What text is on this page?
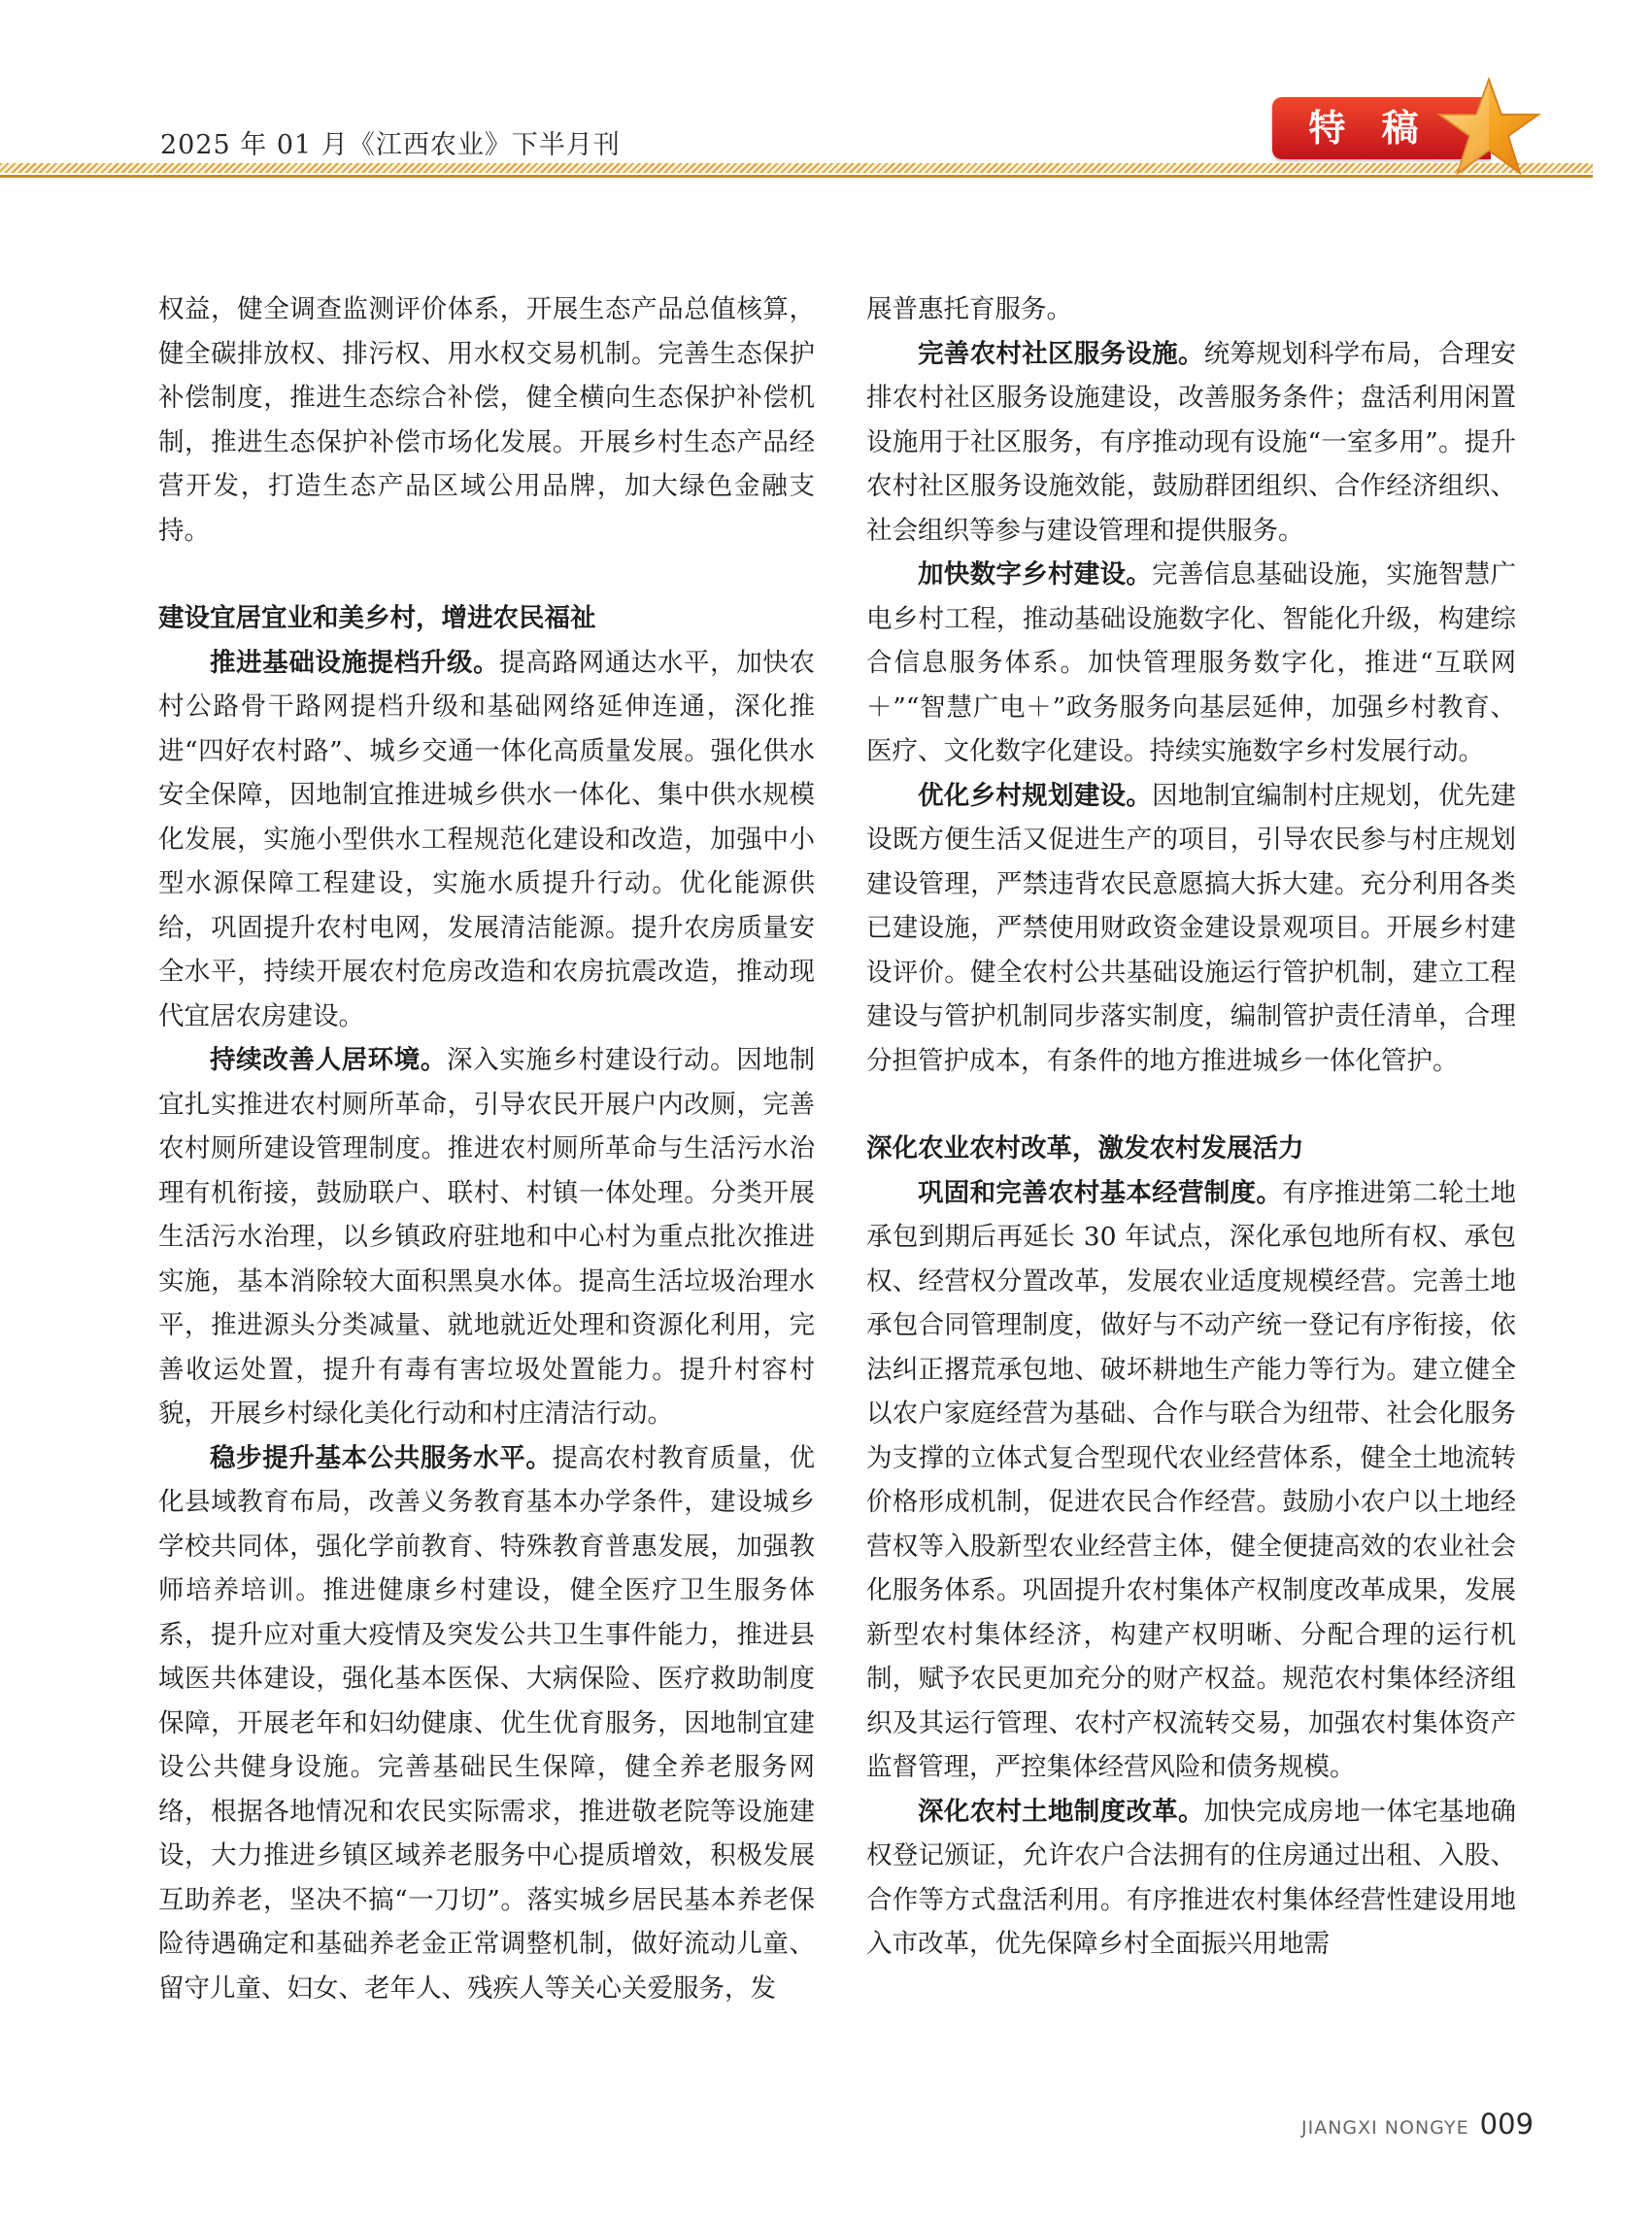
2025 年 01 月《江西农业》下半月刊	特 稿

权益，健全调查监测评价体系，开展生态产品总值核算，健全碳排放权、排污权、用水权交易机制。完善生态保护补偿制度，推进生态综合补偿，健全横向生态保护补偿机制，推进生态保护补偿市场化发展。开展乡村生态产品经营开发，打造生态产品区域公用品牌，加大绿色金融支持。

建设宜居宜业和美乡村，增进农民福祉

推进基础设施提档升级。提高路网通达水平，加快农村公路骨干路网提档升级和基础网络延伸连通，深化推进“四好农村路”、城乡交通一体化高质量发展。强化供水安全保障，因地制宜推进城乡供水一体化、集中供水规模化发展，实施小型供水工程规范化建设和改造，加强中小型水源保障工程建设，实施水质提升行动。优化能源供给，巩固提升农村电网，发展清洁能源。提升农房质量安全水平，持续开展农村危房改造和农房抗震改造，推动现代宜居农房建设。

持续改善人居环境。深入实施乡村建设行动。因地制宜扎实推进农村厕所革命，引导农民开展户内改厕，完善农村厕所建设管理制度。推进农村厕所革命与生活污水治理有机衔接，鼓励联户、联村、村镇一体处理。分类开展生活污水治理，以乡镇政府驻地和中心村为重点批次推进实施，基本消除较大面积黑臭水体。提高生活垃圾治理水平，推进源头分类减量、就地就近处理和资源化利用，完善收运处置，提升有毒有害垃圾处置能力。提升村容村貌，开展乡村绿化美化行动和村庄清洁行动。

稳步提升基本公共服务水平。提高农村教育质量，优化县域教育布局，改善义务教育基本办学条件，建设城乡学校共同体，强化学前教育、特殊教育普惠发展，加强教师培养培训。推进健康乡村建设，健全医疗卫生服务体系，提升应对重大疫情及突发公共卫生事件能力，推进县域医共体建设，强化基本医保、大病保险、医疗救助制度保障，开展老年和妇幼健康、优生优育服务，因地制宜建设公共健身设施。完善基础民生保障，健全养老服务网络，根据各地情况和农民实际需求，推进敬老院等设施建设，大力推进乡镇区域养老服务中心提质增效，积极发展互助养老，坚决不搞“一刀切”。落实城乡居民基本养老保险待遇确定和基础养老金正常调整机制，做好流动儿童、留守儿童、妇女、老年人、残疾人等关心关爱服务，发

展普惠托育服务。

完善农村社区服务设施。统筹规划科学布局，合理安排农村社区服务设施建设，改善服务条件；盘活利用闲置设施用于社区服务，有序推动现有设施“一室多用”。提升农村社区服务设施效能，鼓励群团组织、合作经济组织、社会组织等参与建设管理和提供服务。

加快数字乡村建设。完善信息基础设施，实施智慧广电乡村工程，推动基础设施数字化、智能化升级，构建综合信息服务体系。加快管理服务数字化，推进“互联网＋”“智慧广电＋”政务服务向基层延伸，加强乡村教育、医疗、文化数字化建设。持续实施数字乡村发展行动。

优化乡村规划建设。因地制宜编制村庄规划，优先建设既方便生活又促进生产的项目，引导农民参与村庄规划建设管理，严禁违背农民意愿搞大拆大建。充分利用各类已建设施，严禁使用财政资金建设景观项目。开展乡村建设评价。健全农村公共基础设施运行管护机制，建立工程建设与管护机制同步落实制度，编制管护责任清单，合理分担管护成本，有条件的地方推进城乡一体化管护。

深化农业农村改革，激发农村发展活力

巩固和完善农村基本经营制度。有序推进第二轮土地承包到期后再延长 30 年试点，深化承包地所有权、承包权、经营权分置改革，发展农业适度规模经营。完善土地承包合同管理制度，做好与不动产统一登记有序衔接，依法纠正撂荒承包地、破坏耕地生产能力等行为。建立健全以农户家庭经营为基础、合作与联合为纽带、社会化服务为支撑的立体式复合型现代农业经营体系，健全土地流转价格形成机制，促进农民合作经营。鼓励小农户以土地经营权等入股新型农业经营主体，健全便捷高效的农业社会化服务体系。巩固提升农村集体产权制度改革成果，发展新型农村集体经济，构建产权明晰、分配合理的运行机制，赋予农民更加充分的财产权益。规范农村集体经济组织及其运行管理、农村产权流转交易，加强农村集体资产监督管理，严控集体经营风险和债务规模。

深化农村土地制度改革。加快完成房地一体宅基地确权登记颁证，允许农户合法拥有的住房通过出租、入股、合作等方式盘活利用。有序推进农村集体经营性建设用地入市改革，优先保障乡村全面振兴用地需

JIANGXI NONGYE 009
